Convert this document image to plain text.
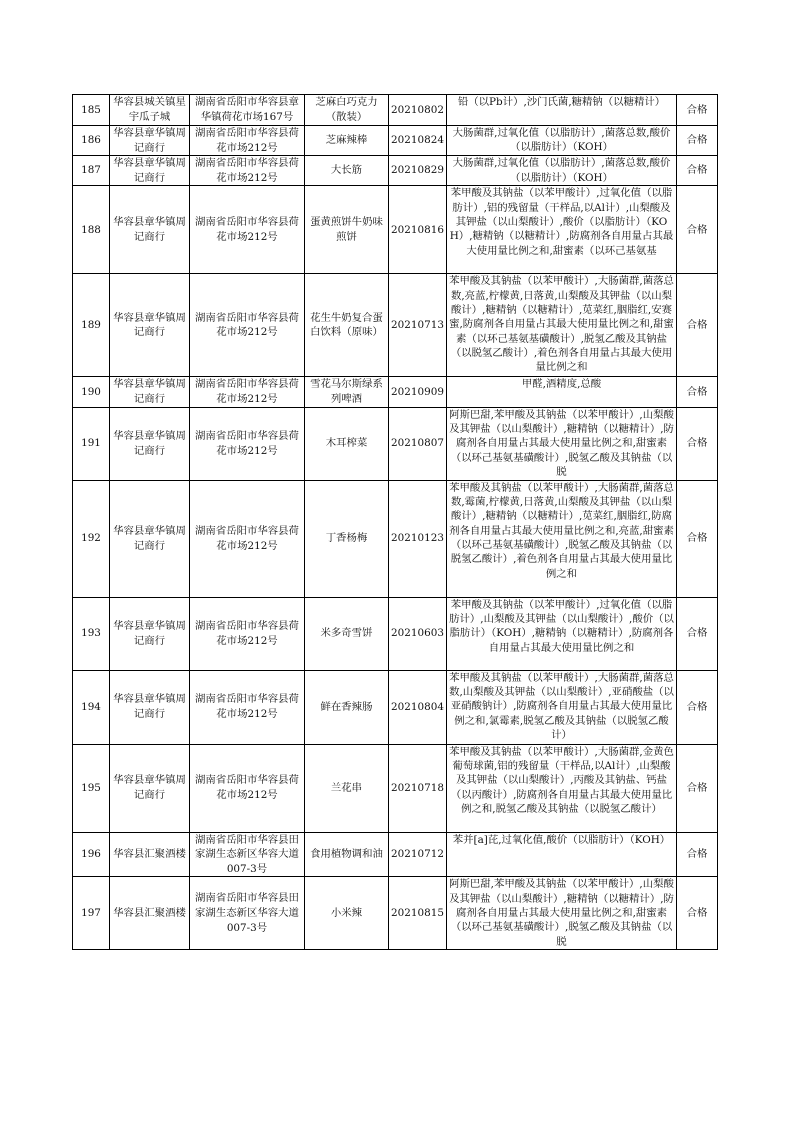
185	华容县城关镇星宇瓜子城	湖南省岳阳市华容县章华镇荷花市场167号	芝麻白巧克力（散装）	20210802	铅（以Pb计）,沙门氏菌,糖精钠（以糖精计）	合格
186	华容县章华镇周记商行	湖南省岳阳市华容县荷花市场212号	芝麻辣棒	20210824	大肠菌群,过氧化值（以脂肪计）,菌落总数,酸价（以脂肪计）（KOH）	合格
187	华容县章华镇周记商行	湖南省岳阳市华容县荷花市场212号	大长筋	20210829	大肠菌群,过氧化值（以脂肪计）,菌落总数,酸价（以脂肪计）（KOH）	合格
188	华容县章华镇周记商行	湖南省岳阳市华容县荷花市场212号	蛋黄煎饼牛奶味煎饼	20210816	苯甲酸及其钠盐（以苯甲酸计）,过氧化值（以脂肪计）,铝的残留量（干样品,以Al计）,山梨酸及其钾盐（以山梨酸计）,酸价（以脂肪计）（KOH）,糖精钠（以糖精计）,防腐剂各自用量占其最大使用量比例之和,甜蜜素（以环己基氨基	合格
189	华容县章华镇周记商行	湖南省岳阳市华容县荷花市场212号	花生牛奶复合蛋白饮料（原味）	20210713	苯甲酸及其钠盐（以苯甲酸计）,大肠菌群,菌落总数,亮蓝,柠檬黄,日落黄,山梨酸及其钾盐（以山梨酸计）,糖精钠（以糖精计）,苋菜红,胭脂红,安赛蜜,防腐剂各自用量占其最大使用量比例之和,甜蜜素（以环己基氨基磺酸计）,脱氢乙酸及其钠盐（以脱氢乙酸计）,着色剂各自用量占其最大使用量比例之和	合格
190	华容县章华镇周记商行	湖南省岳阳市华容县荷花市场212号	雪花马尔斯绿系列啤酒	20210909	甲醛,酒精度,总酸	合格
191	华容县章华镇周记商行	湖南省岳阳市华容县荷花市场212号	木耳榨菜	20210807	阿斯巴甜,苯甲酸及其钠盐（以苯甲酸计）,山梨酸及其钾盐（以山梨酸计）,糖精钠（以糖精计）,防腐剂各自用量占其最大使用量比例之和,甜蜜素（以环己基氨基磺酸计）,脱氢乙酸及其钠盐（以脱	合格
192	华容县章华镇周记商行	湖南省岳阳市华容县荷花市场212号	丁香杨梅	20210123	苯甲酸及其钠盐（以苯甲酸计）,大肠菌群,菌落总数,霉菌,柠檬黄,日落黄,山梨酸及其钾盐（以山梨酸计）,糖精钠（以糖精计）,苋菜红,胭脂红,防腐剂各自用量占其最大使用量比例之和,亮蓝,甜蜜素（以环己基氨基磺酸计）,脱氢乙酸及其钠盐（以脱氢乙酸计）,着色剂各自用量占其最大使用量比例之和	合格
193	华容县章华镇周记商行	湖南省岳阳市华容县荷花市场212号	米多奇雪饼	20210603	苯甲酸及其钠盐（以苯甲酸计）,过氧化值（以脂肪计）,山梨酸及其钾盐（以山梨酸计）,酸价（以脂肪计）（KOH）,糖精钠（以糖精计）,防腐剂各自用量占其最大使用量比例之和	合格
194	华容县章华镇周记商行	湖南省岳阳市华容县荷花市场212号	鲜在香辣肠	20210804	苯甲酸及其钠盐（以苯甲酸计）,大肠菌群,菌落总数,山梨酸及其钾盐（以山梨酸计）,亚硝酸盐（以亚硝酸钠计）,防腐剂各自用量占其最大使用量比例之和,氯霉素,脱氢乙酸及其钠盐（以脱氢乙酸计）	合格
195	华容县章华镇周记商行	湖南省岳阳市华容县荷花市场212号	兰花串	20210718	苯甲酸及其钠盐（以苯甲酸计）,大肠菌群,金黄色葡萄球菌,铝的残留量（干样品,以Al计）,山梨酸及其钾盐（以山梨酸计）,丙酸及其钠盐、钙盐（以丙酸计）,防腐剂各自用量占其最大使用量比例之和,脱氢乙酸及其钠盐（以脱氢乙酸计）	合格
196	华容县汇聚酒楼	湖南省岳阳市华容县田家湖生态新区华容大道007-3号	食用植物调和油	20210712	苯并[a]芘,过氧化值,酸价（以脂肪计）（KOH）	合格
197	华容县汇聚酒楼	湖南省岳阳市华容县田家湖生态新区华容大道007-3号	小米辣	20210815	阿斯巴甜,苯甲酸及其钠盐（以苯甲酸计）,山梨酸及其钾盐（以山梨酸计）,糖精钠（以糖精计）,防腐剂各自用量占其最大使用量比例之和,甜蜜素（以环己基氨基磺酸计）,脱氢乙酸及其钠盐（以脱	合格
